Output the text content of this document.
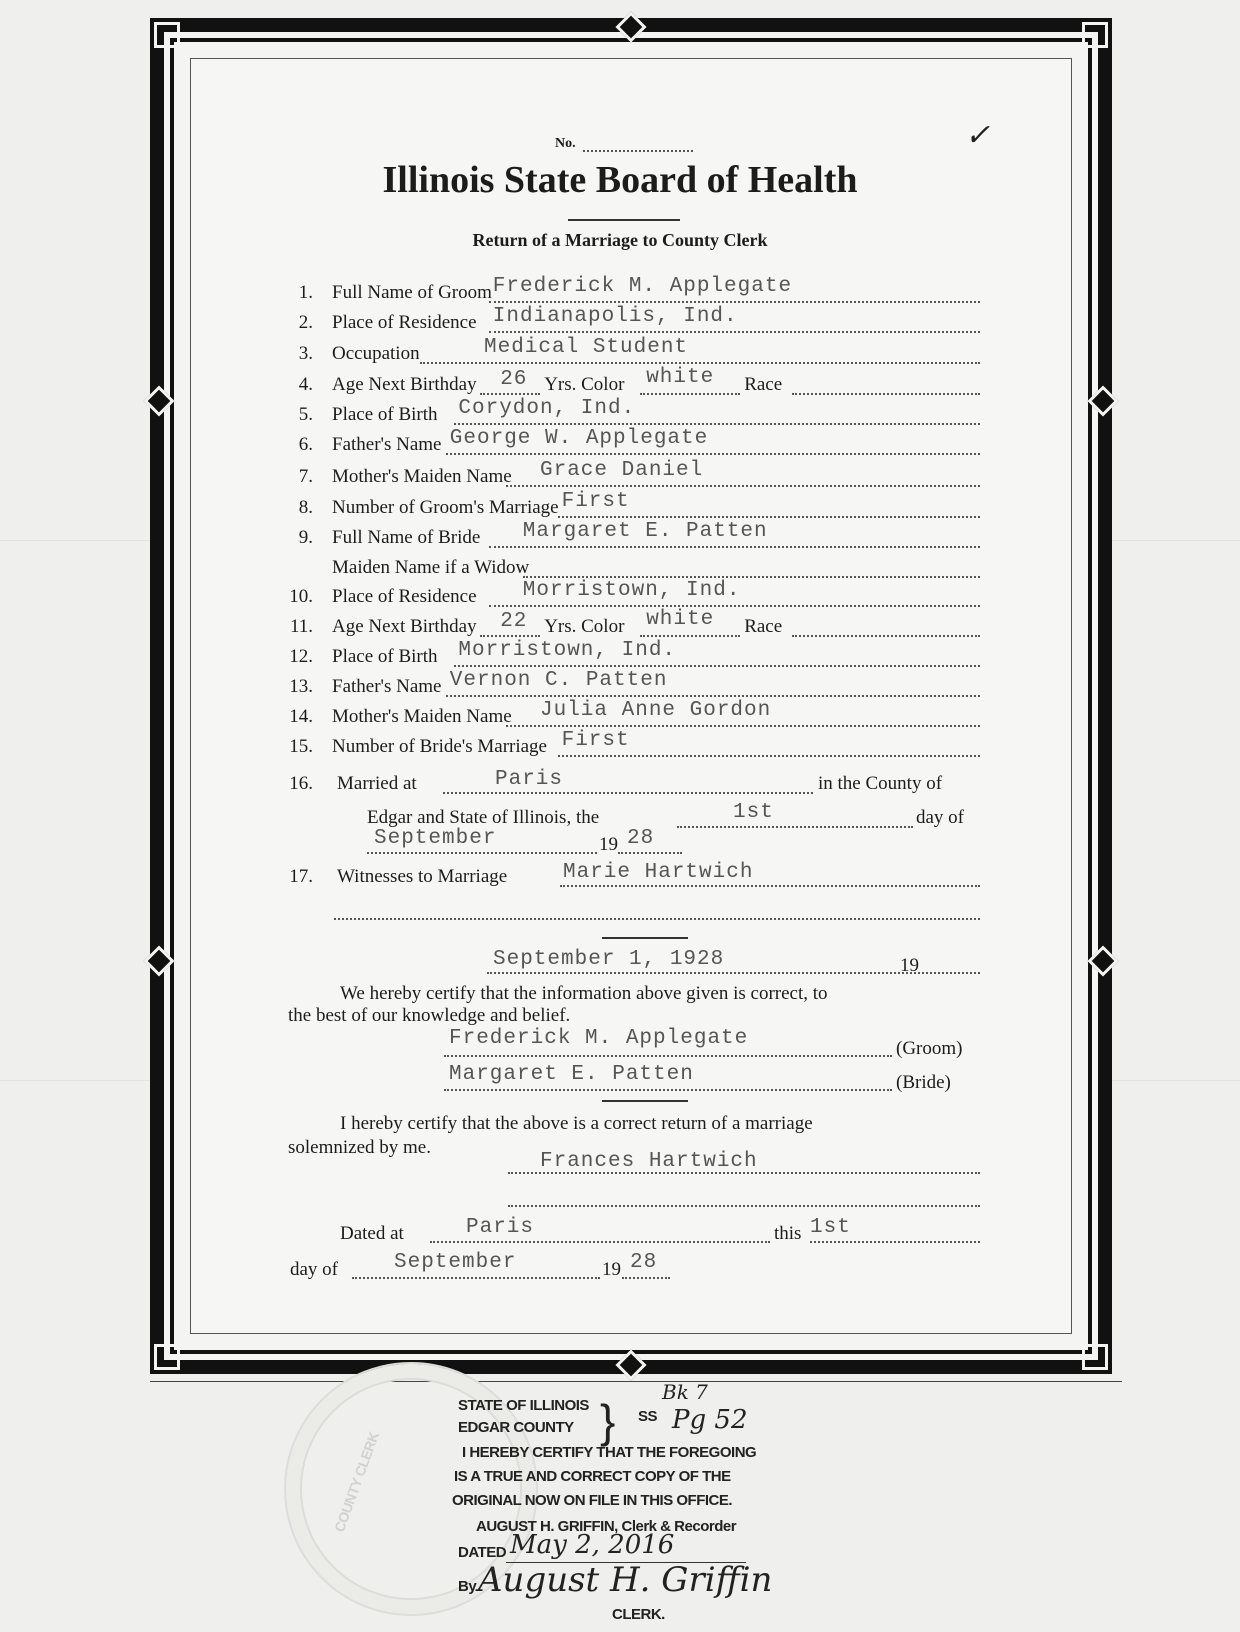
No.	✓
Illinois State Board of Health
Return of a Marriage to County Clerk
1. Full Name of Groom Frederick M. Applegate
2. Place of Residence Indianapolis, Ind.
3. Occupation	Medical Student
4. Age Next Birthday 26 Yrs. Color white Race
5. Place of Birth Corydon, Ind.
6. Father's Name George W. Applegate
7. Mother's Maiden Name Grace Daniel
8. Number of Groom's Marriage First
9. Full Name of Bride Margaret E. Patten
Maiden Name if a Widow
10. Place of Residence Morristown, Ind.
11. Age Next Birthday 22 Yrs. Color white Race
12. Place of Birth Morristown, Ind.
13. Father's Name Vernon C. Patten
14. Mother's Maiden Name Julia Anne Gordon
15. Number of Bride's Marriage First
16. Married at	Paris	in the County of
Edgar and State of Illinois, the	1st	day of
September	19 28
17. Witnesses to Marriage	Marie Hartwich
September 1, 1928	19
We hereby certify that the information above given is correct, to
the best of our knowledge and belief.
Frederick M. Applegate	(Groom)
Margaret E. Patten	(Bride)
I hereby certify that the above is a correct return of a marriage
solemnized by me.
Frances Hartwich
Dated at	Paris	this 1st
day of	September	19 28
COUNTY CLERK
STATE OF ILLINOIS
EDGAR COUNTY } SS
Bk 7
Pg 52
I HEREBY CERTIFY THAT THE FOREGOING
IS A TRUE AND CORRECT COPY OF THE
ORIGINAL NOW ON FILE IN THIS OFFICE.
AUGUST H. GRIFFIN, Clerk & Recorder
DATED May 2, 2016
By August H. Griffin
CLERK.
